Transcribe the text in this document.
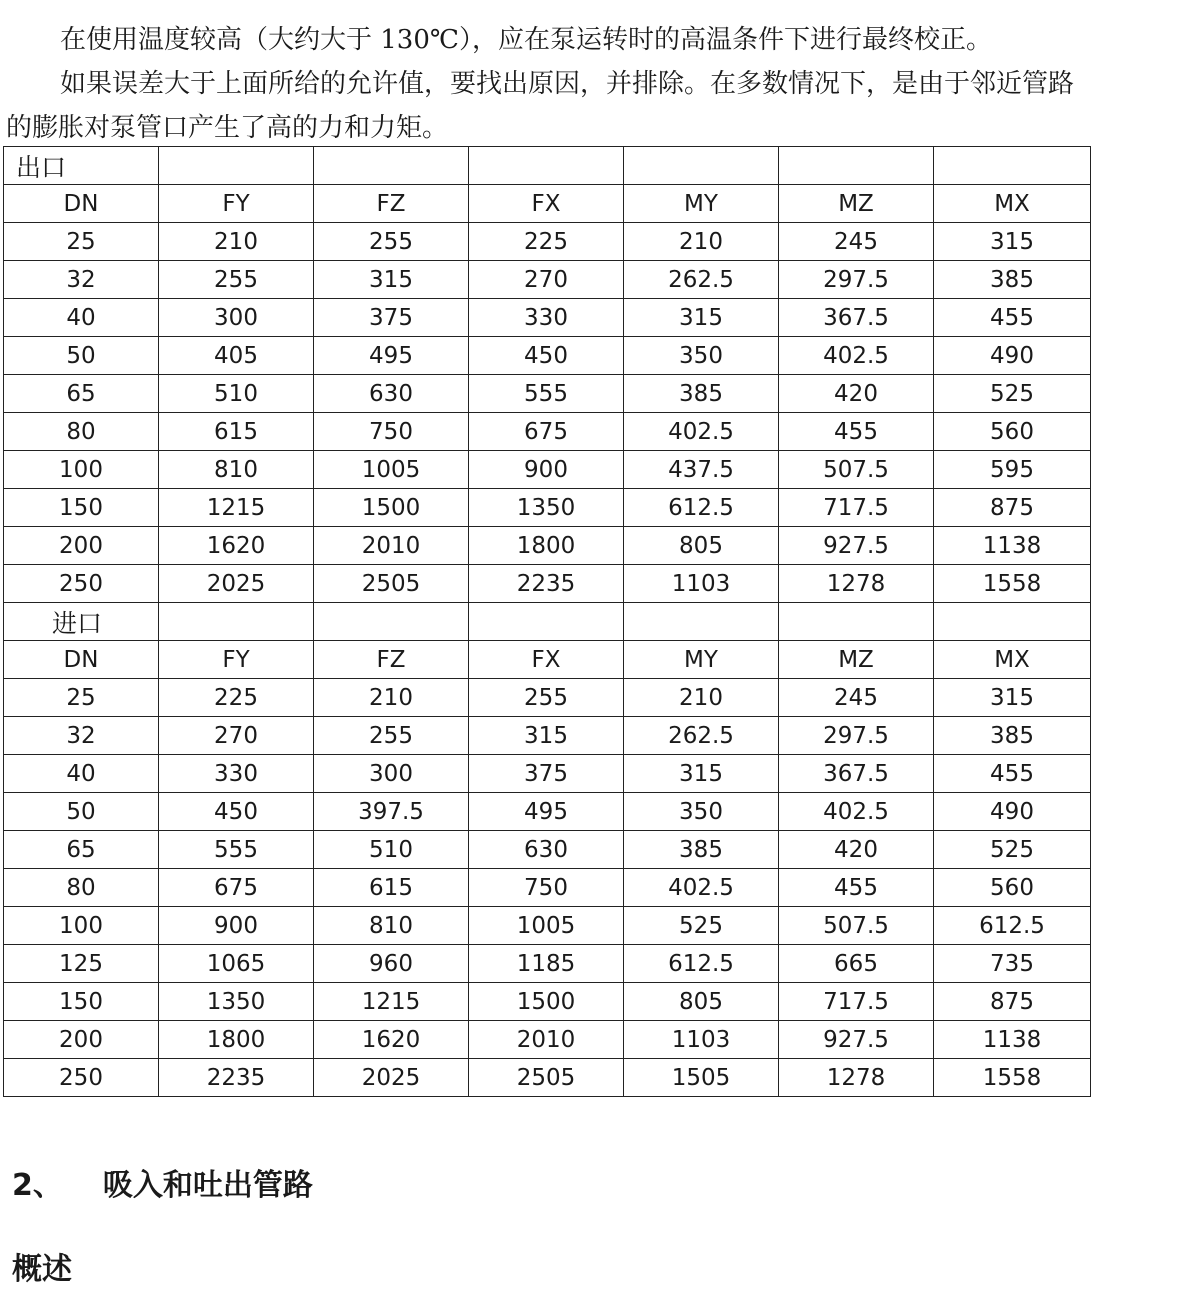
在使用温度较高（大约大于 130℃），应在泵运转时的高温条件下进行最终校正。

如果误差大于上面所给的允许值，要找出原因，并排除。在多数情况下，是由于邻近管路

的膨胀对泵管口产生了高的力和力矩。

出口						
DN	FY	FZ	FX	MY	MZ	MX
25	210	255	225	210	245	315
32	255	315	270	262.5	297.5	385
40	300	375	330	315	367.5	455
50	405	495	450	350	402.5	490
65	510	630	555	385	420	525
80	615	750	675	402.5	455	560
100	810	1005	900	437.5	507.5	595
150	1215	1500	1350	612.5	717.5	875
200	1620	2010	1800	805	927.5	1138
250	2025	2505	2235	1103	1278	1558
进口						
DN	FY	FZ	FX	MY	MZ	MX
25	225	210	255	210	245	315
32	270	255	315	262.5	297.5	385
40	330	300	375	315	367.5	455
50	450	397.5	495	350	402.5	490
65	555	510	630	385	420	525
80	675	615	750	402.5	455	560
100	900	810	1005	525	507.5	612.5
125	1065	960	1185	612.5	665	735
150	1350	1215	1500	805	717.5	875
200	1800	1620	2010	1103	927.5	1138
250	2235	2025	2505	1505	1278	1558
2、 吸入和吐出管路
概述
